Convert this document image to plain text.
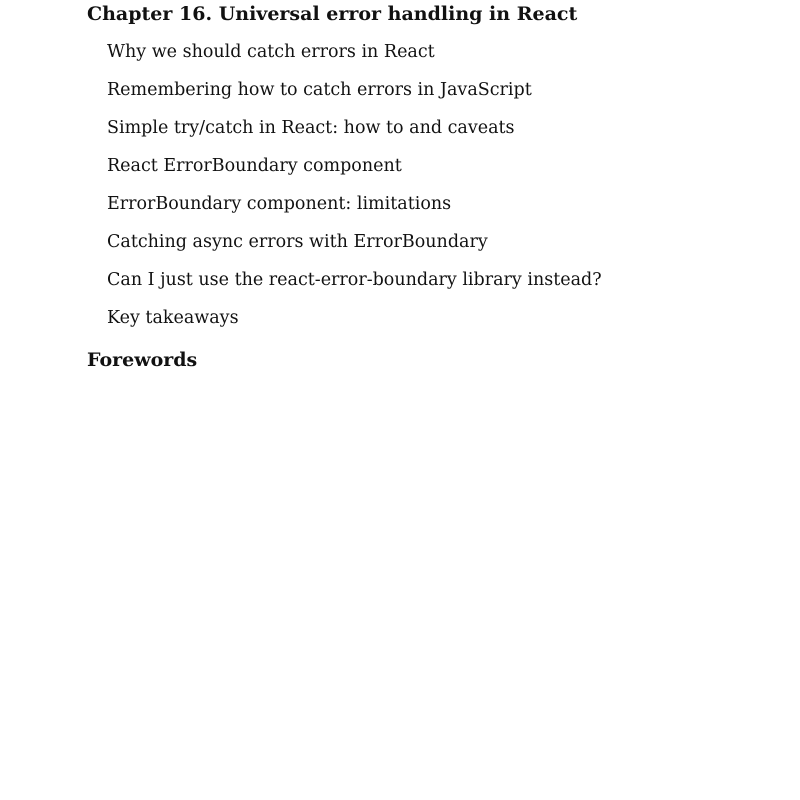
Chapter 16. Universal error handling in React
Why we should catch errors in React
Remembering how to catch errors in JavaScript
Simple try/catch in React: how to and caveats
React ErrorBoundary component
ErrorBoundary component: limitations
Catching async errors with ErrorBoundary
Can I just use the react-error-boundary library instead?
Key takeaways
Forewords
